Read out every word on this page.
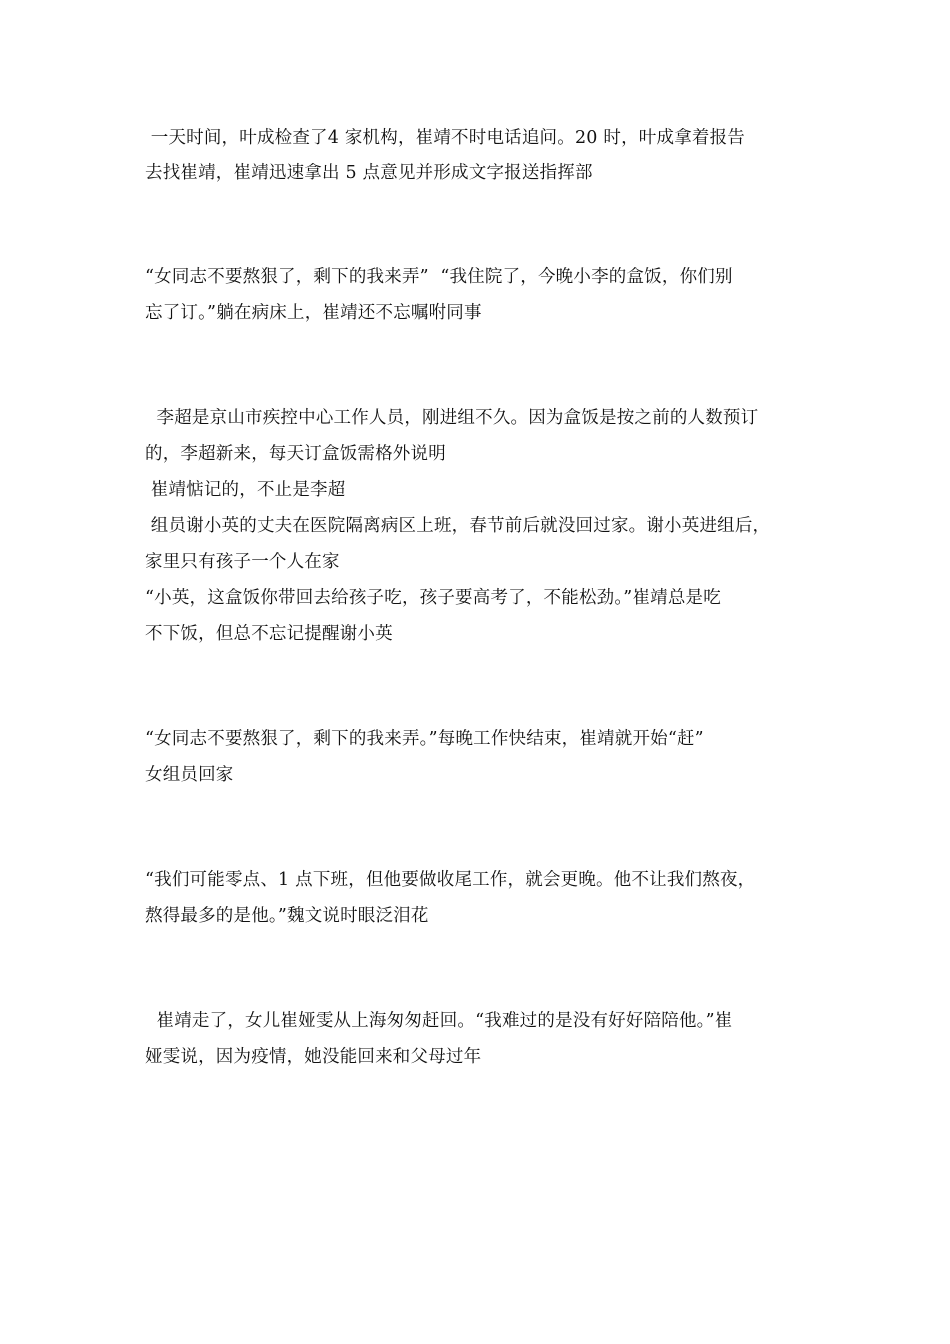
一天时间，叶成检查了4 家机构，崔靖不时电话追问。20 时，叶成拿着报告
去找崔靖，崔靖迅速拿出 5 点意见并形成文字报送指挥部
“女同志不要熬狠了，剩下的我来弄”  “我住院了，今晚小李的盒饭，你们别
忘了订。”躺在病床上，崔靖还不忘嘱咐同事
李超是京山市疾控中心工作人员，刚进组不久。因为盒饭是按之前的人数预订
的，李超新来，每天订盒饭需格外说明
崔靖惦记的，不止是李超
组员谢小英的丈夫在医院隔离病区上班，春节前后就没回过家。谢小英进组后，
家里只有孩子一个人在家
“小英，这盒饭你带回去给孩子吃，孩子要高考了，不能松劲。”崔靖总是吃
不下饭，但总不忘记提醒谢小英
“女同志不要熬狠了，剩下的我来弄。”每晚工作快结束，崔靖就开始“赶”
女组员回家
“我们可能零点、1 点下班，但他要做收尾工作，就会更晚。他不让我们熬夜，
熬得最多的是他。”魏文说时眼泛泪花
崔靖走了，女儿崔娅雯从上海匆匆赶回。“我难过的是没有好好陪陪他。”崔
娅雯说，因为疫情，她没能回来和父母过年
